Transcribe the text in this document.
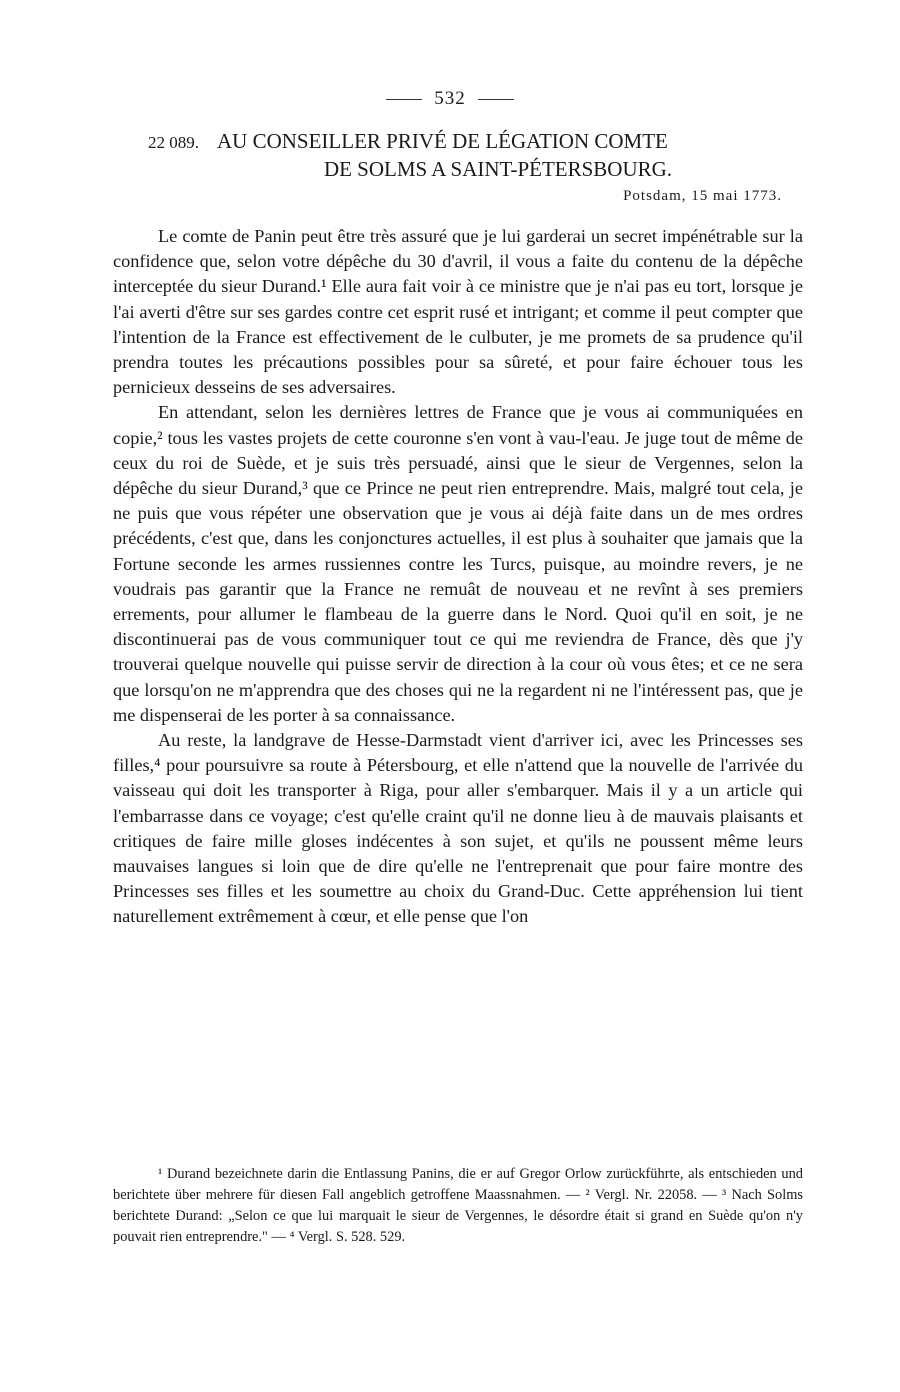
532
22 089. AU CONSEILLER PRIVÉ DE LÉGATION COMTE
DE SOLMS A SAINT-PÉTERSBOURG.
Potsdam, 15 mai 1773.

Le comte de Panin peut être très assuré que je lui garderai un secret impénétrable sur la confidence que, selon votre dépêche du 30 d'avril, il vous a faite du contenu de la dépêche interceptée du sieur Durand.¹ Elle aura fait voir à ce ministre que je n'ai pas eu tort, lorsque je l'ai averti d'être sur ses gardes contre cet esprit rusé et intrigant; et comme il peut compter que l'intention de la France est effectivement de le culbuter, je me promets de sa prudence qu'il prendra toutes les précautions possibles pour sa sûreté, et pour faire échouer tous les pernicieux desseins de ses adversaires.

En attendant, selon les dernières lettres de France que je vous ai communiquées en copie,² tous les vastes projets de cette couronne s'en vont à vau-l'eau. Je juge tout de même de ceux du roi de Suède, et je suis très persuadé, ainsi que le sieur de Vergennes, selon la dépêche du sieur Durand,³ que ce Prince ne peut rien entreprendre. Mais, malgré tout cela, je ne puis que vous répéter une observation que je vous ai déjà faite dans un de mes ordres précédents, c'est que, dans les conjonctures actuelles, il est plus à souhaiter que jamais que la Fortune seconde les armes russiennes contre les Turcs, puisque, au moindre revers, je ne voudrais pas garantir que la France ne remuât de nouveau et ne revînt à ses premiers errements, pour allumer le flambeau de la guerre dans le Nord. Quoi qu'il en soit, je ne discontinuerai pas de vous communiquer tout ce qui me reviendra de France, dès que j'y trouverai quelque nouvelle qui puisse servir de direction à la cour où vous êtes; et ce ne sera que lorsqu'on ne m'apprendra que des choses qui ne la regardent ni ne l'intéressent pas, que je me dispenserai de les porter à sa connaissance.

Au reste, la landgrave de Hesse-Darmstadt vient d'arriver ici, avec les Princesses ses filles,⁴ pour poursuivre sa route à Pétersbourg, et elle n'attend que la nouvelle de l'arrivée du vaisseau qui doit les transporter à Riga, pour aller s'embarquer. Mais il y a un article qui l'embarrasse dans ce voyage; c'est qu'elle craint qu'il ne donne lieu à de mauvais plaisants et critiques de faire mille gloses indécentes à son sujet, et qu'ils ne poussent même leurs mauvaises langues si loin que de dire qu'elle ne l'entreprenait que pour faire montre des Princesses ses filles et les soumettre au choix du Grand-Duc. Cette appréhension lui tient naturellement extrêmement à cœur, et elle pense que l'on

¹ Durand bezeichnete darin die Entlassung Panins, die er auf Gregor Orlow zurückführte, als entschieden und berichtete über mehrere für diesen Fall angeblich getroffene Maassnahmen. — ² Vergl. Nr. 22058. — ³ Nach Solms berichtete Durand: „Selon ce que lui marquait le sieur de Vergennes, le désordre était si grand en Suède qu'on n'y pouvait rien entreprendre." — ⁴ Vergl. S. 528. 529.
